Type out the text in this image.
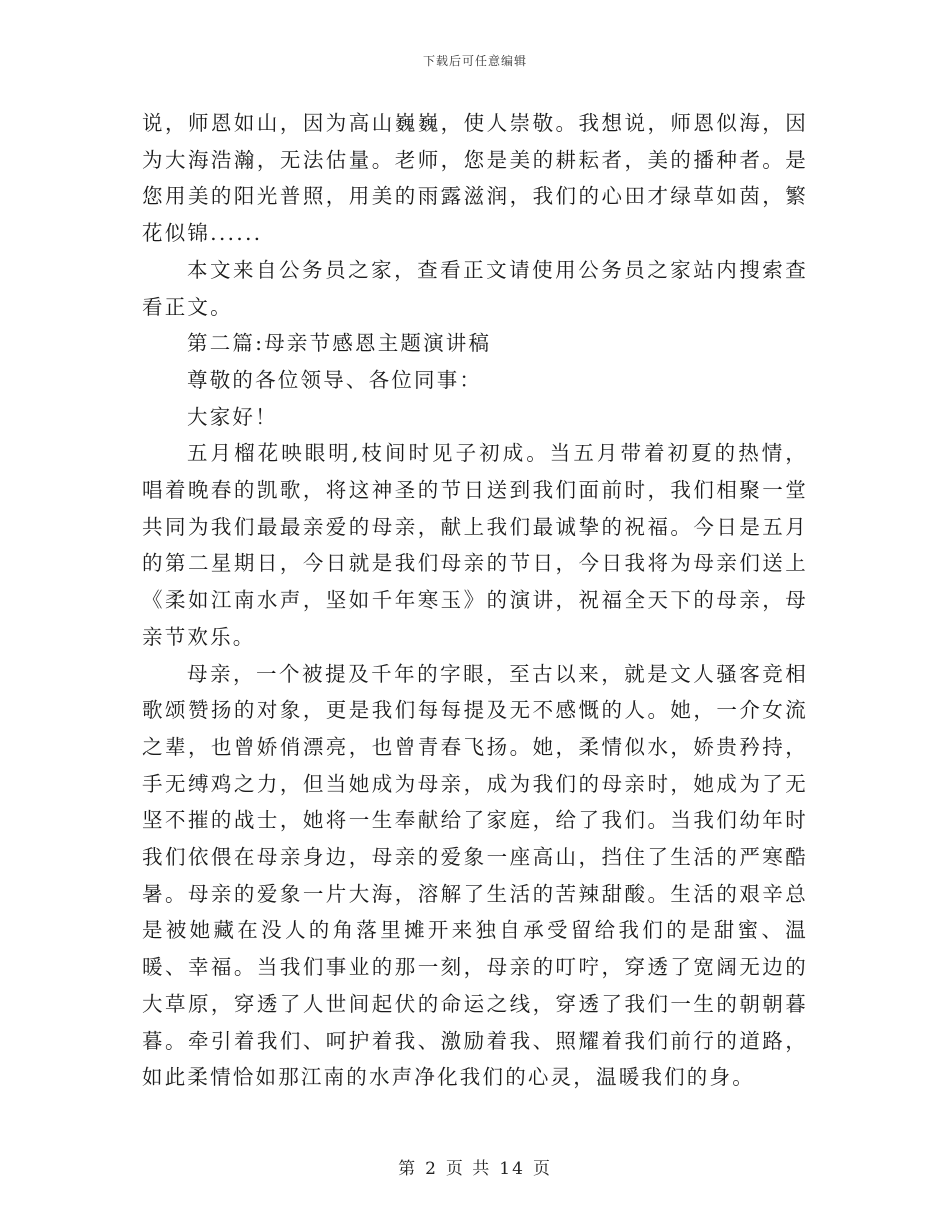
下载后可任意编辑

说，师恩如山，因为高山巍巍，使人崇敬。我想说，师恩似海，因为大海浩瀚，无法估量。老师，您是美的耕耘者，美的播种者。是您用美的阳光普照，用美的雨露滋润，我们的心田才绿草如茵，繁花似锦......

本文来自公务员之家，查看正文请使用公务员之家站内搜索查看正文。

第二篇:母亲节感恩主题演讲稿

尊敬的各位领导、各位同事：

大家好！

五月榴花映眼明,枝间时见子初成。当五月带着初夏的热情，唱着晚春的凯歌，将这神圣的节日送到我们面前时，我们相聚一堂共同为我们最最亲爱的母亲，献上我们最诚挚的祝福。今日是五月的第二星期日，今日就是我们母亲的节日，今日我将为母亲们送上《柔如江南水声，坚如千年寒玉》的演讲，祝福全天下的母亲，母亲节欢乐。

母亲，一个被提及千年的字眼，至古以来，就是文人骚客竞相歌颂赞扬的对象，更是我们每每提及无不感慨的人。她，一介女流之辈，也曾娇俏漂亮，也曾青春飞扬。她，柔情似水，娇贵矜持，手无缚鸡之力，但当她成为母亲，成为我们的母亲时，她成为了无坚不摧的战士，她将一生奉献给了家庭，给了我们。当我们幼年时我们依偎在母亲身边，母亲的爱象一座高山，挡住了生活的严寒酷暑。母亲的爱象一片大海，溶解了生活的苦辣甜酸。生活的艰辛总是被她藏在没人的角落里摊开来独自承受留给我们的是甜蜜、温暖、幸福。当我们事业的那一刻，母亲的叮咛，穿透了宽阔无边的大草原，穿透了人世间起伏的命运之线，穿透了我们一生的朝朝暮暮。牵引着我们、呵护着我、激励着我、照耀着我们前行的道路，如此柔情恰如那江南的水声净化我们的心灵，温暖我们的身。

第 2 页 共 14 页
